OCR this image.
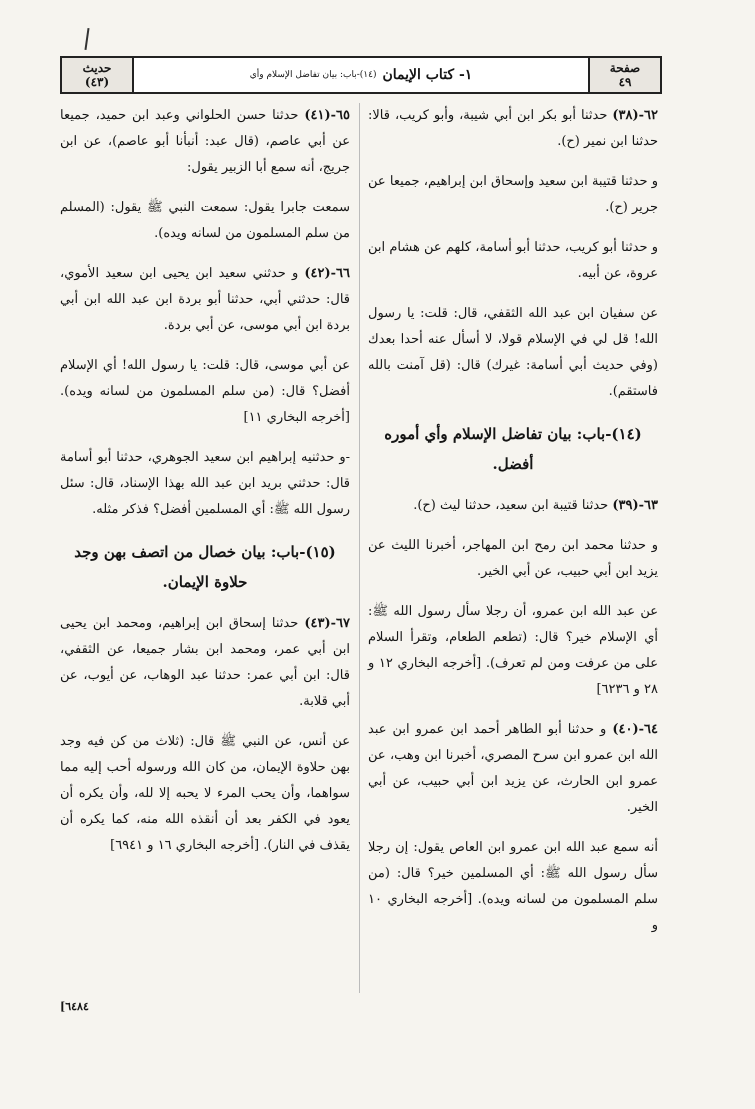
صفحة
٤٩
١- كتاب الإيمان
(١٤)-باب: بيان تفاضل الإسلام وأي
حديث
(٤٣)

٦٢-(٣٨) حدثنا أبو بكر ابن أبي شيبة، وأبو كريب، قالا: حدثنا ابن نمير (ح).

و حدثنا قتيبة ابن سعيد وإسحاق ابن إبراهيم، جميعا عن جرير (ح).

و حدثنا أبو كريب، حدثنا أبو أسامة، كلهم عن هشام ابن عروة، عن أبيه.

عن سفيان ابن عبد الله الثقفي، قال: قلت: يا رسول الله! قل لي في الإسلام قولا، لا أسأل عنه أحدا بعدك (وفي حديث أبي أسامة: غيرك) قال: (قل آمنت بالله فاستقم).

(١٤)-باب: بيان تفاضل الإسلام وأي أموره أفضل.

٦٣-(٣٩) حدثنا قتيبة ابن سعيد، حدثنا ليث (ح).

و حدثنا محمد ابن رمح ابن المهاجر، أخبرنا الليث عن يزيد ابن أبي حبيب، عن أبي الخير.

عن عبد الله ابن عمرو، أن رجلا سأل رسول الله ﷺ: أي الإسلام خير؟ قال: (تطعم الطعام، وتقرأ السلام على من عرفت ومن لم تعرف). [أخرجه البخاري ١٢ و ٢٨ و ٦٢٣٦]

٦٤-(٤٠) و حدثنا أبو الطاهر أحمد ابن عمرو ابن عبد الله ابن عمرو ابن سرح المصري، أخبرنا ابن وهب، عن عمرو ابن الحارث، عن يزيد ابن أبي حبيب، عن أبي الخير.

أنه سمع عبد الله ابن عمرو ابن العاص يقول: إن رجلا سأل رسول الله ﷺ: أي المسلمين خير؟ قال: (من سلم المسلمون من لسانه ويده). [أخرجه البخاري ١٠ و

٦٥-(٤١) حدثنا حسن الحلواني وعبد ابن حميد، جميعا عن أبي عاصم، (قال عبد: أنبأنا أبو عاصم)، عن ابن جريج، أنه سمع أبا الزبير يقول:

سمعت جابرا يقول: سمعت النبي ﷺ يقول: (المسلم من سلم المسلمون من لسانه ويده).

٦٦-(٤٢) و حدثني سعيد ابن يحيى ابن سعيد الأموي، قال: حدثني أبي، حدثنا أبو بردة ابن عبد الله ابن أبي بردة ابن أبي موسى، عن أبي بردة.

عن أبي موسى، قال: قلت: يا رسول الله! أي الإسلام أفضل؟ قال: (من سلم المسلمون من لسانه ويده). [أخرجه البخاري ١١]

-و حدثنيه إبراهيم ابن سعيد الجوهري، حدثنا أبو أسامة قال: حدثني بريد ابن عبد الله بهذا الإسناد، قال: سئل رسول الله ﷺ: أي المسلمين أفضل؟ فذكر مثله.

(١٥)-باب: بيان خصال من اتصف بهن وجد حلاوة الإيمان.

٦٧-(٤٣) حدثنا إسحاق ابن إبراهيم، ومحمد ابن يحيى ابن أبي عمر، ومحمد ابن بشار جميعا، عن الثقفي، قال: ابن أبي عمر: حدثنا عبد الوهاب، عن أيوب، عن أبي قلابة.

عن أنس، عن النبي ﷺ قال: (ثلاث من كن فيه وجد بهن حلاوة الإيمان، من كان الله ورسوله أحب إليه مما سواهما، وأن يحب المرء لا يحبه إلا لله، وأن يكره أن يعود في الكفر بعد أن أنقذه الله منه، كما يكره أن يقذف في النار). [أخرجه البخاري ١٦ و ٦٩٤١]

٦٤٨٤]
